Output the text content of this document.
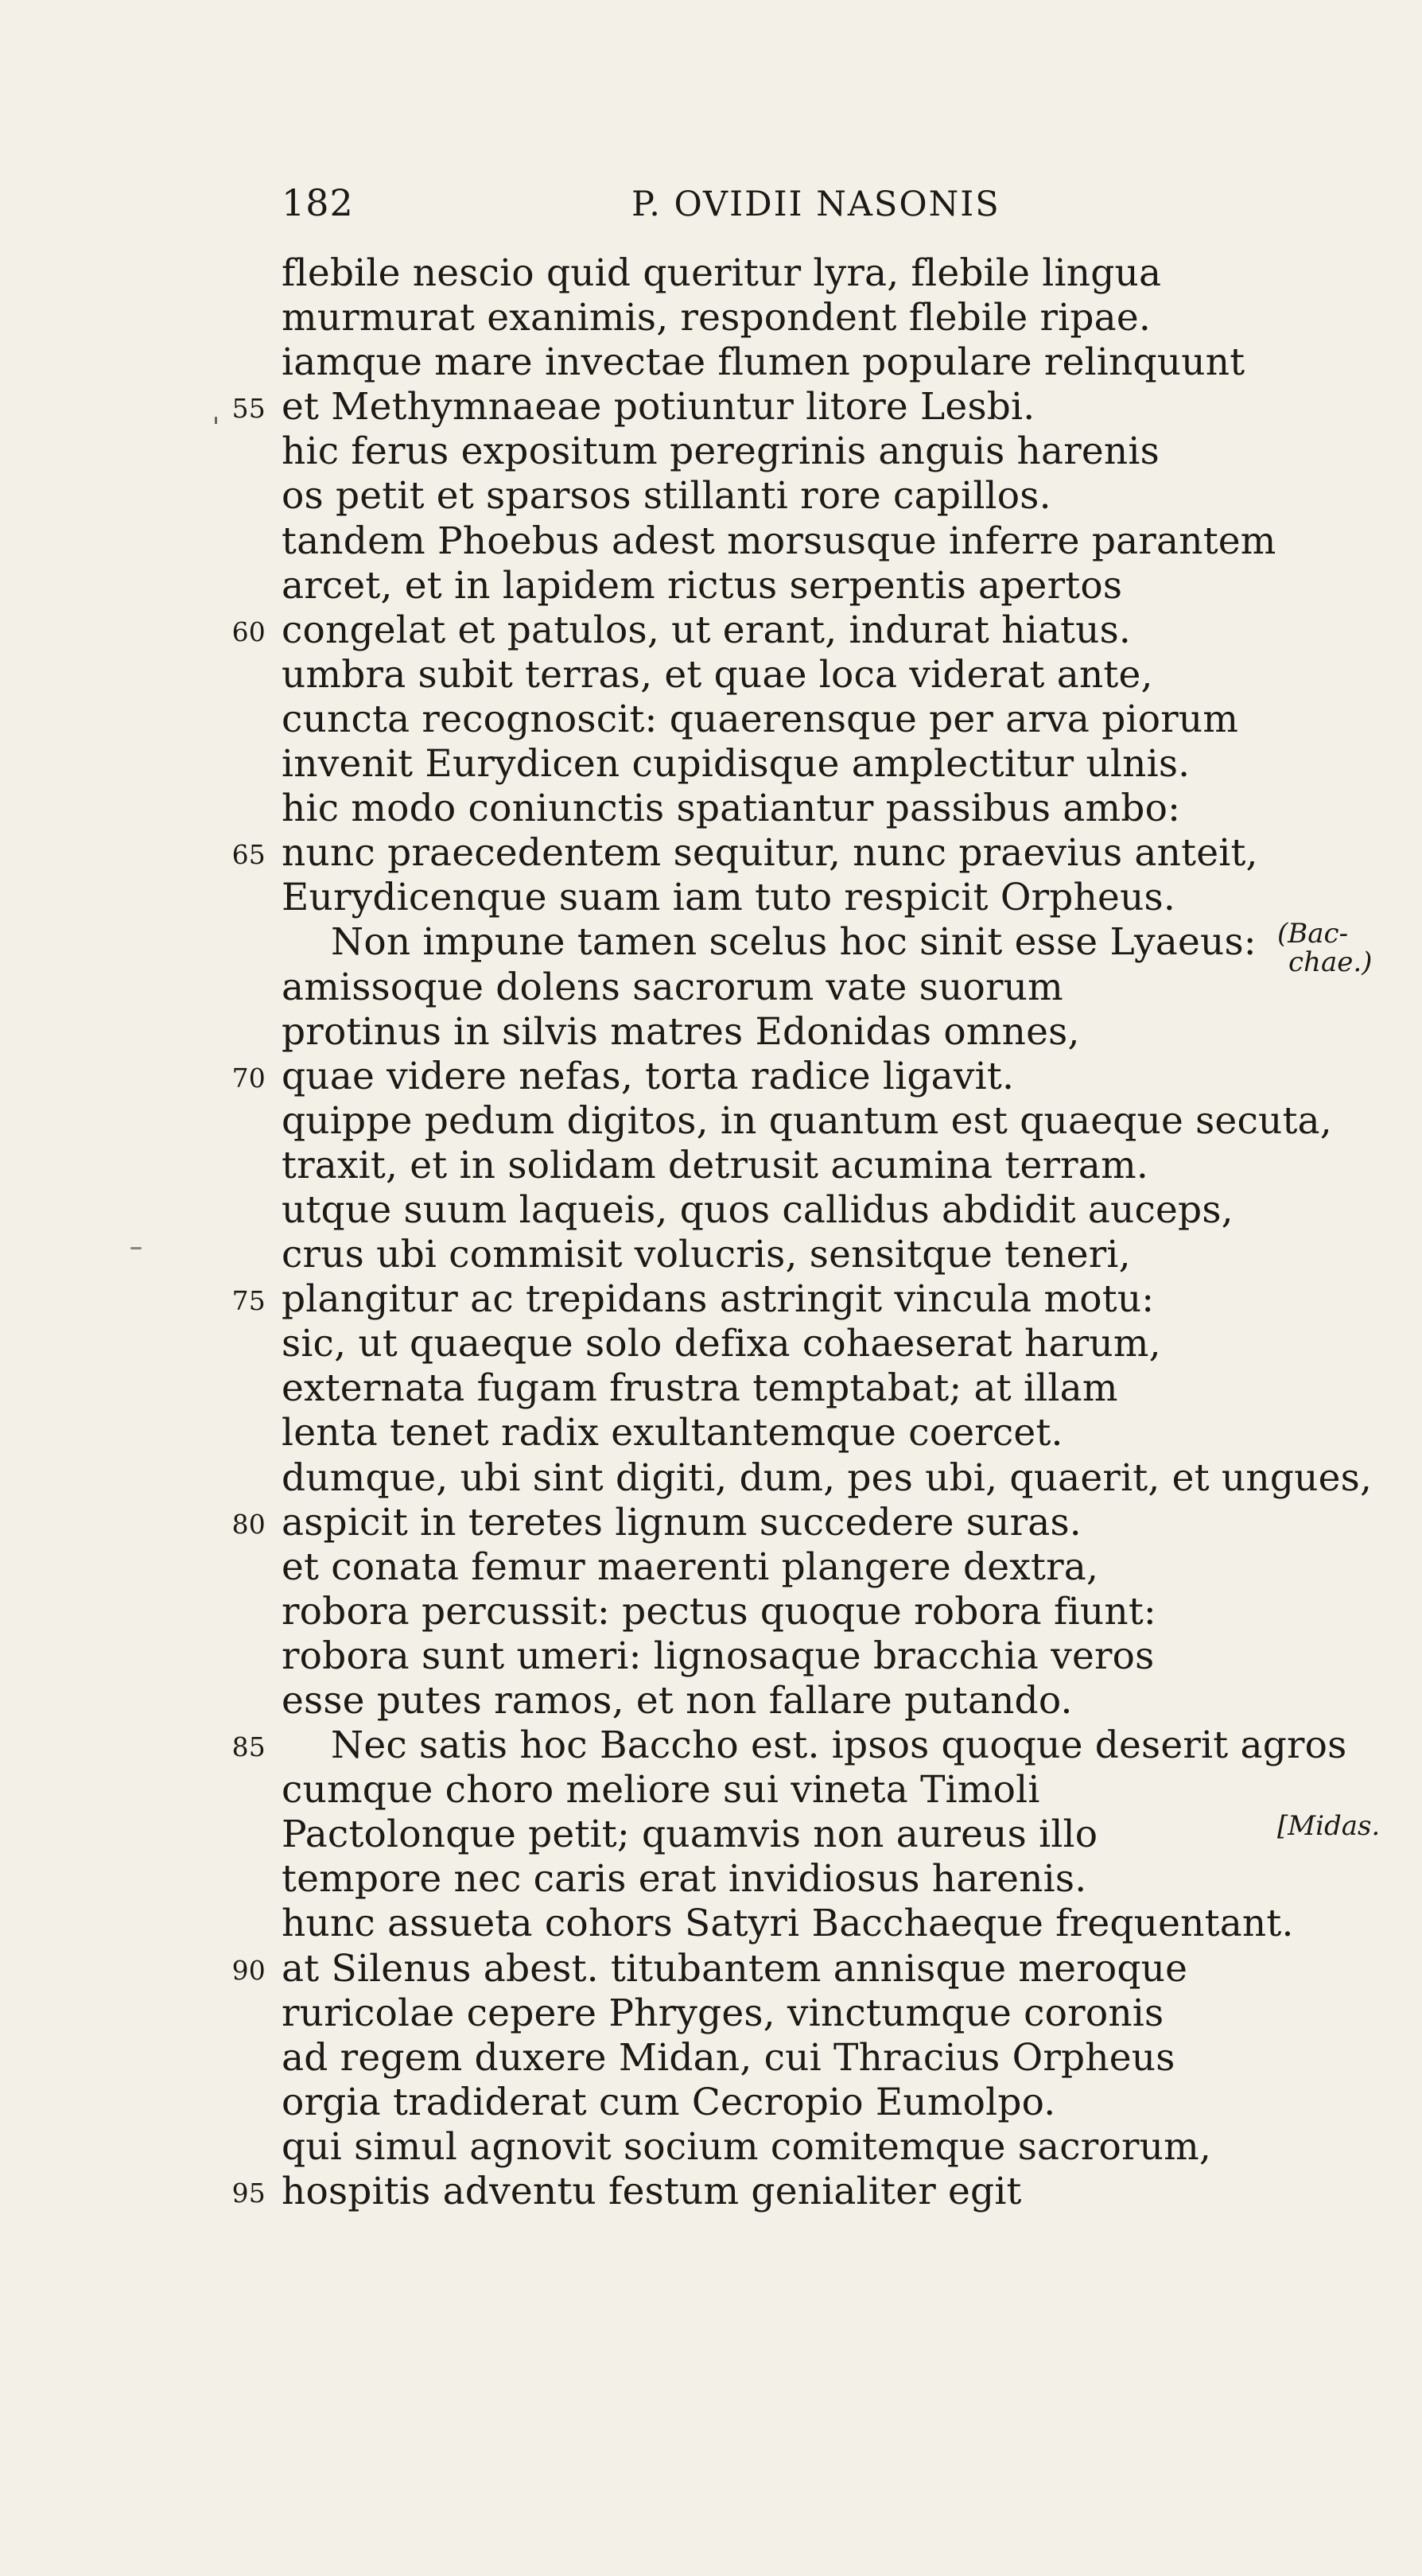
182	P. OVIDII NASONIS
flebile nescio quid queritur lyra, flebile lingua
murmurat exanimis, respondent flebile ripae.
iamque mare invectae flumen populare relinquunt
55 et Methymnaeae potiuntur litore Lesbi.
hic ferus expositum peregrinis anguis harenis
os petit et sparsos stillanti rore capillos.
tandem Phoebus adest morsusque inferre parantem
arcet, et in lapidem rictus serpentis apertos
60 congelat et patulos, ut erant, indurat hiatus.
umbra subit terras, et quae loca viderat ante,
cuncta recognoscit: quaerensque per arva piorum
invenit Eurydicen cupidisque amplectitur ulnis.
hic modo coniunctis spatiantur passibus ambo:
65 nunc praecedentem sequitur, nunc praevius anteit,
Eurydicenque suam iam tuto respicit Orpheus.
Non impune tamen scelus hoc sinit esse Lyaeus:
amissoque dolens sacrorum vate suorum
protinus in silvis matres Edonidas omnes,
70 quae videre nefas, torta radice ligavit.
quippe pedum digitos, in quantum est quaeque secuta,
traxit, et in solidam detrusit acumina terram.
utque suum laqueis, quos callidus abdidit auceps,
crus ubi commisit volucris, sensitque teneri,
75 plangitur ac trepidans astringit vincula motu:
sic, ut quaeque solo defixa cohaeserat harum,
externata fugam frustra temptabat; at illam
lenta tenet radix exultantemque coercet.
dumque, ubi sint digiti, dum, pes ubi, quaerit, et ungues,
80 aspicit in teretes lignum succedere suras.
et conata femur maerenti plangere dextra,
robora percussit: pectus quoque robora fiunt:
robora sunt umeri: lignosaque bracchia veros
esse putes ramos, et non fallare putando.
85 Nec satis hoc Baccho est. ipsos quoque deserit agros
cumque choro meliore sui vineta Timoli
Pactolonque petit; quamvis non aureus illo
tempore nec caris erat invidiosus harenis.
hunc assueta cohors Satyri Bacchaeque frequentant.
90 at Silenus abest. titubantem annisque meroque
ruricolae cepere Phryges, vinctumque coronis
ad regem duxere Midan, cui Thracius Orpheus
orgia tradiderat cum Cecropio Eumolpo.
qui simul agnovit socium comitemque sacrorum,
95 hospitis adventu festum genialiter egit
(Bac-
chae.)
[Midas.
